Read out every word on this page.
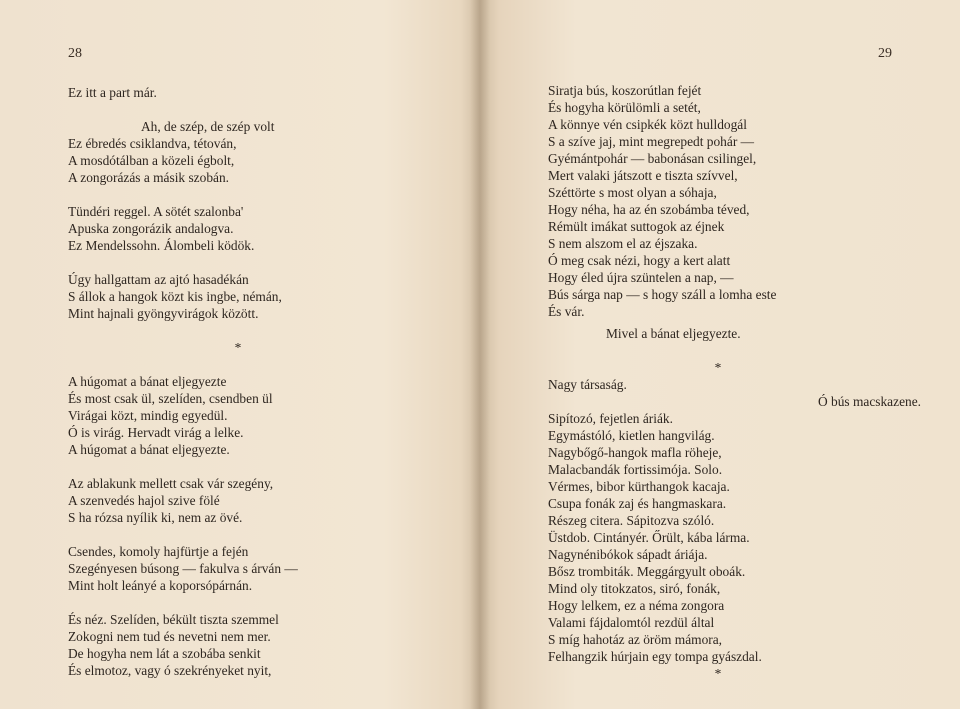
28
Ez itt a part már.
Ah, de szép, de szép volt
Ez ébredés csiklandva, tétován,
A mosdótálban a közeli égbolt,
A zongorázás a másik szobán.
Tündéri reggel. A sötét szalonba'
Apuska zongorázik andalogva.
Ez Mendelssohn. Álombeli ködök.
Úgy hallgattam az ajtó hasadékán
S állok a hangok közt kis ingbe, némán,
Mint hajnali gyöngyvirágok között.
*
A húgomat a bánat eljegyezte
És most csak ül, szelíden, csendben ül
Virágai közt, mindig egyedül.
Ó is virág. Hervadt virág a lelke.
A húgomat a bánat eljegyezte.
Az ablakunk mellett csak vár szegény,
A szenvedés hajol szive fölé
S ha rózsa nyílik ki, nem az övé.
Csendes, komoly hajfürtje a fején
Szegényesen búsong — fakulva s árván —
Mint holt leányé a koporsópárnán.
És néz. Szelíden, békült tiszta szemmel
Zokogni nem tud és nevetni nem mer.
De hogyha nem lát a szobába senkit
És elmotoz, vagy ó szekrényeket nyit,
29
Siratja bús, koszorútlan fejét
És hogyha körülömli a setét,
A könnye vén csipkék közt hulldogál
S a szíve jaj, mint megrepedt pohár —
Gyémántpohár — babonásan csilingel,
Mert valaki játszott e tiszta szívvel,
Széttörte s most olyan a sóhaja,
Hogy néha, ha az én szobámba téved,
Rémült imákat suttogok az éjnek
S nem alszom el az éjszaka.
Ó meg csak nézi, hogy a kert alatt
Hogy éled újra szüntelen a nap, —
Bús sárga nap — s hogy száll a lomha este
És vár.
Mivel a bánat eljegyezte.
*
Nagy társaság.
Ó bús macskazene.
Sipítozó, fejetlen áriák.
Egymástóló, kietlen hangvilág.
Nagybőgő-hangok mafla röheje,
Malacbandák fortissimója. Solo.
Vérmes, bibor kürthangok kacaja.
Csupa fonák zaj és hangmaskara.
Részeg citera. Sápitozva szóló.
Üstdob. Cintányér. Őrült, kába lárma.
Nagynénibókok sápadt áriája.
Bősz trombiták. Meggárgyult oboák.
Mind oly titokzatos, siró, fonák,
Hogy lelkem, ez a néma zongora
Valami fájdalomtól rezdül által
S míg hahotáz az öröm mámora,
Felhangzik húrjain egy tompa gyászdal.
*
